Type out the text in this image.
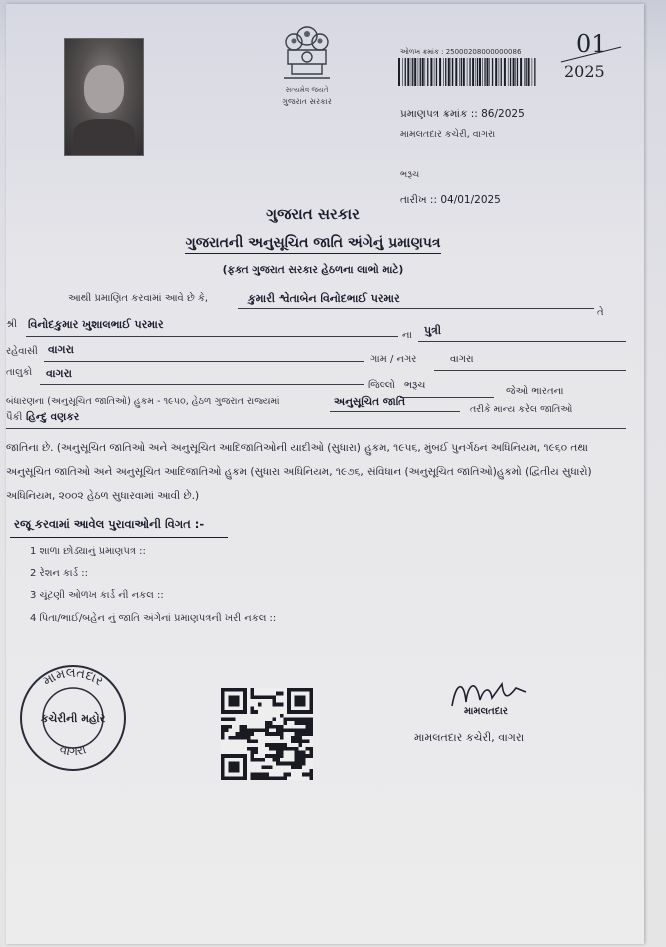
સત્યમેવ જયતે
ગુજરાત સરકાર
ઓળખ ક્રમાંક : 25000208000000086 01
2025
પ્રમાણપત્ર ક્રમાંક :: 86/2025
મામલતદાર કચેરી, વાગરા
ભરૂચ
તારીખ :: 04/01/2025
ગુજરાત સરકાર
ગુજરાતની અનુસૂચિત જાતિ અંગેનું પ્રમાણપત્ર
(ફક્ત ગુજરાત સરકાર હેઠળના લાભો માટે)
આથી પ્રમાણિત કરવામાં આવે છે કે,	કુમારી શ્વેતાબેન વિનોદભાઈ પરમાર
તે
શ્રી વિનોદકુમાર ખુશાલભાઈ પરમાર
ના પુત્રી
રહેવાસી વાગરા
ગામ / નગર	વાગરા
તાલુકો વાગરા
જિલ્લો ભરૂચ
જેઓ ભારતના
બંધારણના (અનુસૂચિત જાતિઓ) હુકમ - ૧૯૫૦, હેઠળ ગુજરાત રાજ્યમાં	અનુસૂચિત જાતિ
તરીકે માન્ય કરેલ જાતિઓ
પૈકી હિન્દુ વણકર
જાતિના છે. (અનુસૂચિત જાતિઓ અને અનુસૂચિત આદિજાતિઓની યાદીઓ (સુધારા) હુકમ, ૧૯૫૬, મુંબઈ પુનર્ગઠન અધિનિયમ, ૧૯૬૦ તથા અનુસૂચિત જાતિઓ અને અનુસૂચિત આદિજાતિઓ હુકમ (સુધારા અધિનિયમ, ૧૯૭૬, સંવિધાન (અનુસૂચિત જાતિઓ)હુકમો (દ્વિતીય સુધારો) અધિનિયમ, ૨૦૦૨ હેઠળ સુધારવામાં આવી છે.)
રજૂ કરવામાં આવેલ પુરાવાઓની વિગત :-
1 શાળા છોડ્યાનું પ્રમાણપત્ર ::
2 રેશન કાર્ડ ::
3 ચૂંટણી ઓળખ કાર્ડ ની નકલ ::
4 પિતા/ભાઈ/બહેન નું જાતિ અંગેનાં પ્રમાણપત્રની ખરી નકલ ::
મામલતદાર
વાગરા
કચેરીની મહોર
મામલતદાર
મામલતદાર કચેરી, વાગરા
